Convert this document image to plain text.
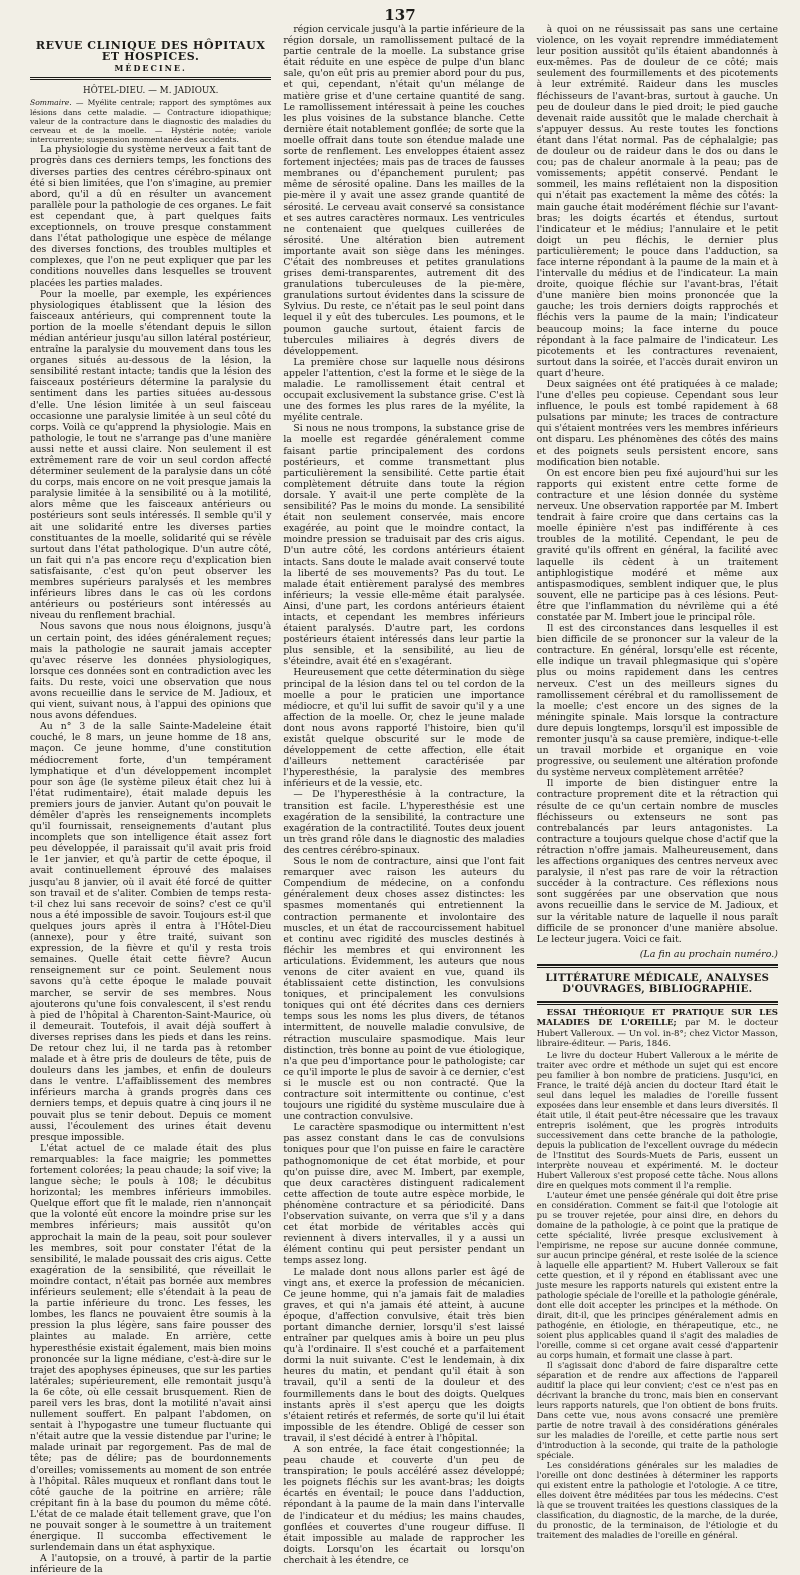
137
REVUE CLINIQUE DES HÔPITAUX ET HOSPICES.
MÉDECINE.
HÔTEL-DIEU. — M. JADIOUX.

Sommaire. — Myélite centrale; rapport des symptômes aux lésions dans cette maladie. — Contracture idiopathique; valeur de la contracture dans le diagnostic des maladies du cerveau et de la moelle. — Hystérie notée; variole intercurrente; suspension momentanée des accidents.

La physiologie du système nerveux a fait tant de progrès dans ces derniers temps, les fonctions des diverses parties des centres cérébro-spinaux ont été si bien limitées, que l'on s'imagine, au premier abord, qu'il a dû en résulter un avancement parallèle pour la pathologie de ces organes. Le fait est cependant que, à part quelques faits exceptionnels, on trouve presque constamment dans l'état pathologique une espèce de mélange des diverses fonctions, des troubles multiples et complexes, que l'on ne peut expliquer que par les conditions nouvelles dans lesquelles se trouvent placées les parties malades.

Pour la moelle, par exemple, les expériences physiologiques établissent que la lésion des faisceaux antérieurs, qui comprennent toute la portion de la moelle s'étendant depuis le sillon médian antérieur jusqu'au sillon latéral postérieur, entraîne la paralysie du mouvement dans tous les organes situés au-dessous de la lésion, la sensibilité restant intacte; tandis que la lésion des faisceaux postérieurs détermine la paralysie du sentiment dans les parties situées au-dessous d'elle. Une lésion limitée à un seul faisceau occasionne une paralysie limitée à un seul côté du corps. Voilà ce qu'apprend la physiologie. Mais en pathologie, le tout ne s'arrange pas d'une manière aussi nette et aussi claire. Non seulement il est extrêmement rare de voir un seul cordon affecté déterminer seulement de la paralysie dans un côté du corps, mais encore on ne voit presque jamais la paralysie limitée à la sensibilité ou à la motilité, alors même que les faisceaux antérieurs ou postérieurs sont seuls intéressés. Il semble qu'il y ait une solidarité entre les diverses parties constituantes de la moelle, solidarité qui se révèle surtout dans l'état pathologique. D'un autre côté, un fait qui n'a pas encore reçu d'explication bien satisfaisante, c'est qu'on peut observer les membres supérieurs paralysés et les membres inférieurs libres dans le cas où les cordons antérieurs ou postérieurs sont intéressés au niveau du renflement brachial.

Nous savons que nous nous éloignons, jusqu'à un certain point, des idées généralement reçues; mais la pathologie ne saurait jamais accepter qu'avec réserve les données physiologiques, lorsque ces données sont en contradiction avec les faits. Du reste, voici une observation que nous avons recueillie dans le service de M. Jadioux, et qui vient, suivant nous, à l'appui des opinions que nous avons défendues.

Au n° 3 de la salle Sainte-Madeleine était couché, le 8 mars, un jeune homme de 18 ans, maçon. Ce jeune homme, d'une constitution médiocrement forte, d'un tempérament lymphatique et d'un développement incomplet pour son âge (le système pileux était chez lui à l'état rudimentaire), était malade depuis les premiers jours de janvier. Autant qu'on pouvait le démêler d'après les renseignements incomplets qu'il fournissait, renseignements d'autant plus incomplets que son intelligence était assez fort peu développée, il paraissait qu'il avait pris froid le 1er janvier, et qu'à partir de cette époque, il avait continuellement éprouvé des malaises jusqu'au 8 janvier, où il avait été forcé de quitter son travail et de s'aliter. Combien de temps resta-t-il chez lui sans recevoir de soins? c'est ce qu'il nous a été impossible de savoir. Toujours est-il que quelques jours après il entra à l'Hôtel-Dieu (annexe), pour y être traité, suivant son expression, de la fièvre et qu'il y resta trois semaines. Quelle était cette fièvre? Aucun renseignement sur ce point. Seulement nous savons qu'à cette époque le malade pouvait marcher, se servir de ses membres. Nous ajouterons qu'une fois convalescent, il s'est rendu à pied de l'hôpital à Charenton-Saint-Maurice, où il demeurait. Toutefois, il avait déjà souffert à diverses reprises dans les pieds et dans les reins. De retour chez lui, il ne tarda pas à retomber malade et à être pris de douleurs de tête, puis de douleurs dans les jambes, et enfin de douleurs dans le ventre. L'affaiblissement des membres inférieurs marcha à grands progrès dans ces derniers temps, et depuis quatre à cinq jours il ne pouvait plus se tenir debout. Depuis ce moment aussi, l'écoulement des urines était devenu presque impossible.

L'état actuel de ce malade était des plus remarquables: la face maigrie; les pommettes fortement colorées; la peau chaude; la soif vive; la langue sèche; le pouls à 108; le décubitus horizontal; les membres inférieurs immobiles. Quelque effort que fît le malade, rien n'annonçait que la volonté eût encore la moindre prise sur les membres inférieurs; mais aussitôt qu'on approchait la main de la peau, soit pour soulever les membres, soit pour constater l'état de la sensibilité, le malade poussait des cris aigus. Cette exagération de la sensibilité, que réveillait le moindre contact, n'était pas bornée aux membres inférieurs seulement; elle s'étendait à la peau de la partie inférieure du tronc. Les fesses, les lombes, les flancs ne pouvaient être soumis à la pression la plus légère, sans faire pousser des plaintes au malade. En arrière, cette hyperesthésie existait également, mais bien moins prononcée sur la ligne médiane, c'est-à-dire sur le trajet des apophyses épineuses, que sur les parties latérales; supérieurement, elle remontait jusqu'à la 6e côte, où elle cessait brusquement. Rien de pareil vers les bras, dont la motilité n'avait ainsi nullement souffert. En palpant l'abdomen, on sentait à l'hypogastre une tumeur fluctuante qui n'était autre que la vessie distendue par l'urine; le malade urinait par regorgement. Pas de mal de tête; pas de délire; pas de bourdonnements d'oreilles; vomissements au moment de son entrée à l'hôpital. Râles muqueux et ronflant dans tout le côté gauche de la poitrine en arrière; râle crépitant fin à la base du poumon du même côté. L'état de ce malade était tellement grave, que l'on ne pouvait songer à le soumettre à un traitement énergique. Il succomba effectivement le surlendemain dans un état asphyxique.

A l'autopsie, on a trouvé, à partir de la partie inférieure de la

région cervicale jusqu'à la partie inférieure de la région dorsale, un ramollissement pultacé de la partie centrale de la moelle. La substance grise était réduite en une espèce de pulpe d'un blanc sale, qu'on eût pris au premier abord pour du pus, et qui, cependant, n'était qu'un mélange de matière grise et d'une certaine quantité de sang. Le ramollissement intéressait à peine les couches les plus voisines de la substance blanche. Cette dernière était notablement gonflée; de sorte que la moelle offrait dans toute son étendue malade une sorte de renflement. Les enveloppes étaient assez fortement injectées; mais pas de traces de fausses membranes ou d'épanchement purulent; pas même de sérosité opaline. Dans les mailles de la pie-mère il y avait une assez grande quantité de sérosité. Le cerveau avait conservé sa consistance et ses autres caractères normaux. Les ventricules ne contenaient que quelques cuillerées de sérosité. Une altération bien autrement importante avait son siège dans les méninges. C'était des nombreuses et petites granulations grises demi-transparentes, autrement dit des granulations tuberculeuses de la pie-mère, granulations surtout évidentes dans la scissure de Sylvius. Du reste, ce n'était pas le seul point dans lequel il y eût des tubercules. Les poumons, et le poumon gauche surtout, étaient farcis de tubercules miliaires à degrés divers de développement.

La première chose sur laquelle nous désirons appeler l'attention, c'est la forme et le siège de la maladie. Le ramollissement était central et occupait exclusivement la substance grise. C'est là une des formes les plus rares de la myélite, la myélite centrale.

Si nous ne nous trompons, la substance grise de la moelle est regardée généralement comme faisant partie principalement des cordons postérieurs, et comme transmettant plus particulièrement la sensibilité. Cette partie était complètement détruite dans toute la région dorsale. Y avait-il une perte complète de la sensibilité? Pas le moins du monde. La sensibilité était non seulement conservée, mais encore exagérée, au point que le moindre contact, la moindre pression se traduisait par des cris aigus. D'un autre côté, les cordons antérieurs étaient intacts. Sans doute le malade avait conservé toute la liberté de ses mouvements? Pas du tout. Le malade était entièrement paralysé des membres inférieurs; la vessie elle-même était paralysée. Ainsi, d'une part, les cordons antérieurs étaient intacts, et cependant les membres inférieurs étaient paralysés. D'autre part, les cordons postérieurs étaient intéressés dans leur partie la plus sensible, et la sensibilité, au lieu de s'éteindre, avait été en s'exagérant.

Heureusement que cette détermination du siège principal de la lésion dans tel ou tel cordon de la moelle a pour le praticien une importance médiocre, et qu'il lui suffit de savoir qu'il y a une affection de la moelle. Or, chez le jeune malade dont nous avons rapporté l'histoire, bien qu'il existât quelque obscurité sur le mode de développement de cette affection, elle était d'ailleurs nettement caractérisée par l'hyperesthésie, la paralysie des membres inférieurs et de la vessie, etc.

— De l'hyperesthésie à la contracture, la transition est facile. L'hyperesthésie est une exagération de la sensibilité, la contracture une exagération de la contractilité. Toutes deux jouent un très grand rôle dans le diagnostic des maladies des centres cérébro-spinaux.

Sous le nom de contracture, ainsi que l'ont fait remarquer avec raison les auteurs du Compendium de médecine, on a confondu généralement deux choses assez distinctes: les spasmes momentanés qui entretiennent la contraction permanente et involontaire des muscles, et un état de raccourcissement habituel et continu avec rigidité des muscles destinés à fléchir les membres et qui environnent les articulations. Évidemment, les auteurs que nous venons de citer avaient en vue, quand ils établissaient cette distinction, les convulsions toniques, et principalement les convulsions toniques qui ont été décrites dans ces derniers temps sous les noms les plus divers, de tétanos intermittent, de nouvelle maladie convulsive, de rétraction musculaire spasmodique. Mais leur distinction, très bonne au point de vue étiologique, n'a que peu d'importance pour le pathologiste; car ce qu'il importe le plus de savoir à ce dernier, c'est si le muscle est ou non contracté. Que la contracture soit intermittente ou continue, c'est toujours une rigidité du système musculaire due à une contraction convulsive.

Le caractère spasmodique ou intermittent n'est pas assez constant dans le cas de convulsions toniques pour que l'on puisse en faire le caractère pathognomonique de cet état morbide, et pour qu'on puisse dire, avec M. Imbert, par exemple, que deux caractères distinguent radicalement cette affection de toute autre espèce morbide, le phénomène contracture et sa périodicité. Dans l'observation suivante, on verra que s'il y a dans cet état morbide de véritables accès qui reviennent à divers intervalles, il y a aussi un élément continu qui peut persister pendant un temps assez long.

Le malade dont nous allons parler est âgé de vingt ans, et exerce la profession de mécanicien. Ce jeune homme, qui n'a jamais fait de maladies graves, et qui n'a jamais été atteint, à aucune époque, d'affection convulsive, était très bien portant dimanche dernier, lorsqu'il s'est laissé entraîner par quelques amis à boire un peu plus qu'à l'ordinaire. Il s'est couché et a parfaitement dormi la nuit suivante. C'est le lendemain, à dix heures du matin, et pendant qu'il était à son travail, qu'il a senti de la douleur et des fourmillements dans le bout des doigts. Quelques instants après il s'est aperçu que les doigts s'étaient retirés et refermés, de sorte qu'il lui était impossible de les étendre. Obligé de cesser son travail, il s'est décidé à entrer à l'hôpital.

A son entrée, la face était congestionnée; la peau chaude et couverte d'un peu de transpiration; le pouls accéléré assez développé; les poignets fléchis sur les avant-bras; les doigts écartés en éventail; le pouce dans l'adduction, répondant à la paume de la main dans l'intervalle de l'indicateur et du médius; les mains chaudes, gonflées et couvertes d'une rougeur diffuse. Il était impossible au malade de rapprocher les doigts. Lorsqu'on les écartait ou lorsqu'on cherchait à les étendre, ce

à quoi on ne réussissait pas sans une certaine violence, on les voyait reprendre immédiatement leur position aussitôt qu'ils étaient abandonnés à eux-mêmes. Pas de douleur de ce côté; mais seulement des fourmillements et des picotements à leur extrémité. Raideur dans les muscles fléchisseurs de l'avant-bras, surtout à gauche. Un peu de douleur dans le pied droit; le pied gauche devenait raide aussitôt que le malade cherchait à s'appuyer dessus. Au reste toutes les fonctions étant dans l'état normal. Pas de céphalalgie; pas de douleur ou de raideur dans le dos ou dans le cou; pas de chaleur anormale à la peau; pas de vomissements; appétit conservé. Pendant le sommeil, les mains reflétaient non la disposition qui n'était pas exactement la même des côtés: la main gauche était modérément fléchie sur l'avant-bras; les doigts écartés et étendus, surtout l'indicateur et le médius; l'annulaire et le petit doigt un peu fléchis, le dernier plus particulièrement; le pouce dans l'adduction, sa face interne répondant à la paume de la main et à l'intervalle du médius et de l'indicateur. La main droite, quoique fléchie sur l'avant-bras, l'était d'une manière bien moins prononcée que la gauche; les trois derniers doigts rapprochés et fléchis vers la paume de la main; l'indicateur beaucoup moins; la face interne du pouce répondant à la face palmaire de l'indicateur. Les picotements et les contractures revenaient, surtout dans la soirée, et l'accès durait environ un quart d'heure.

Deux saignées ont été pratiquées à ce malade; l'une d'elles peu copieuse. Cependant sous leur influence, le pouls est tombé rapidement à 68 pulsations par minute; les traces de contracture qui s'étaient montrées vers les membres inférieurs ont disparu. Les phénomènes des côtés des mains et des poignets seuls persistent encore, sans modification bien notable.

On est encore bien peu fixé aujourd'hui sur les rapports qui existent entre cette forme de contracture et une lésion donnée du système nerveux. Une observation rapportée par M. Imbert tendrait à faire croire que dans certains cas la moelle épinière n'est pas indifférente à ces troubles de la motilité. Cependant, le peu de gravité qu'ils offrent en général, la facilité avec laquelle ils cèdent à un traitement antiphlogistique modéré et même aux antispasmodiques, semblent indiquer que, le plus souvent, elle ne participe pas à ces lésions. Peut-être que l'inflammation du névrilème qui a été constatée par M. Imbert joue le principal rôle.

Il est des circonstances dans lesquelles il est bien difficile de se prononcer sur la valeur de la contracture. En général, lorsqu'elle est récente, elle indique un travail phlegmasique qui s'opère plus ou moins rapidement dans les centres nerveux. C'est un des meilleurs signes du ramollissement cérébral et du ramollissement de la moelle; c'est encore un des signes de la méningite spinale. Mais lorsque la contracture dure depuis longtemps, lorsqu'il est impossible de remonter jusqu'à sa cause première, indique-t-elle un travail morbide et organique en voie progressive, ou seulement une altération profonde du système nerveux complètement arrêtée?

Il importe de bien distinguer entre la contracture proprement dite et la rétraction qui résulte de ce qu'un certain nombre de muscles fléchisseurs ou extenseurs ne sont pas contrebalancés par leurs antagonistes. La contracture a toujours quelque chose d'actif que la rétraction n'offre jamais. Malheureusement, dans les affections organiques des centres nerveux avec paralysie, il n'est pas rare de voir la rétraction succéder à la contracture. Ces réflexions nous sont suggérées par une observation que nous avons recueillie dans le service de M. Jadioux, et sur la véritable nature de laquelle il nous paraît difficile de se prononcer d'une manière absolue. Le lecteur jugera. Voici ce fait.

(La fin au prochain numéro.)
LITTÉRATURE MÉDICALE, ANALYSES D'OUVRAGES, BIBLIOGRAPHIE.

ESSAI THÉORIQUE ET PRATIQUE SUR LES MALADIES DE L'OREILLE; par M. le docteur Hubert Valleroux. — Un vol. in-8°; chez Victor Masson, libraire-éditeur. — Paris, 1846.

Le livre du docteur Hubert Valleroux a le mérite de traiter avec ordre et méthode un sujet qui est encore peu familier à bon nombre de praticiens. Jusqu'ici, en France, le traité déjà ancien du docteur Itard était le seul dans lequel les maladies de l'oreille fussent exposées dans leur ensemble et dans leurs diversités. Il était utile, il était peut-être nécessaire que les travaux entrepris isolément, que les progrès introduits successivement dans cette branche de la pathologie, depuis la publication de l'excellent ouvrage du médecin de l'Institut des Sourds-Muets de Paris, eussent un interprète nouveau et expérimenté. M. le docteur Hubert Valleroux s'est proposé cette tâche. Nous allons dire en quelques mots comment il l'a remplie.

L'auteur émet une pensée générale qui doit être prise en considération. Comment se fait-il que l'otologie ait pu se trouver rejetée, pour ainsi dire, en dehors du domaine de la pathologie, à ce point que la pratique de cette spécialité, livrée presque exclusivement à l'empirisme, ne repose sur aucune donnée commune, sur aucun principe général, et reste isolée de la science à laquelle elle appartient? M. Hubert Valleroux se fait cette question, et il y répond en établissant avec une juste mesure les rapports naturels qui existent entre la pathologie spéciale de l'oreille et la pathologie générale, dont elle doit accepter les principes et la méthode. On dirait, dit-il, que les principes généralement admis en pathogénie, en étiologie, en thérapeutique, etc., ne soient plus applicables quand il s'agit des maladies de l'oreille, comme si cet organe avait cessé d'appartenir au corps humain, et formait une classe à part.

Il s'agissait donc d'abord de faire disparaître cette séparation et de rendre aux affections de l'appareil auditif la place qui leur convient; c'est ce n'est pas en décrivant la branche du tronc, mais bien en conservant leurs rapports naturels, que l'on obtient de bons fruits. Dans cette vue, nous avons consacré une première partie de notre travail à des considérations générales sur les maladies de l'oreille, et cette partie nous sert d'introduction à la seconde, qui traite de la pathologie spéciale.

Les considérations générales sur les maladies de l'oreille ont donc destinées à déterminer les rapports qui existent entre la pathologie et l'otologie. A ce titre, elles doivent être méditées par tous les médecins. C'est là que se trouvent traitées les questions classiques de la classification, du diagnostic, de la marche, de la durée, du pronostic, de la terminaison, de l'étiologie et du traitement des maladies de l'oreille en général.
